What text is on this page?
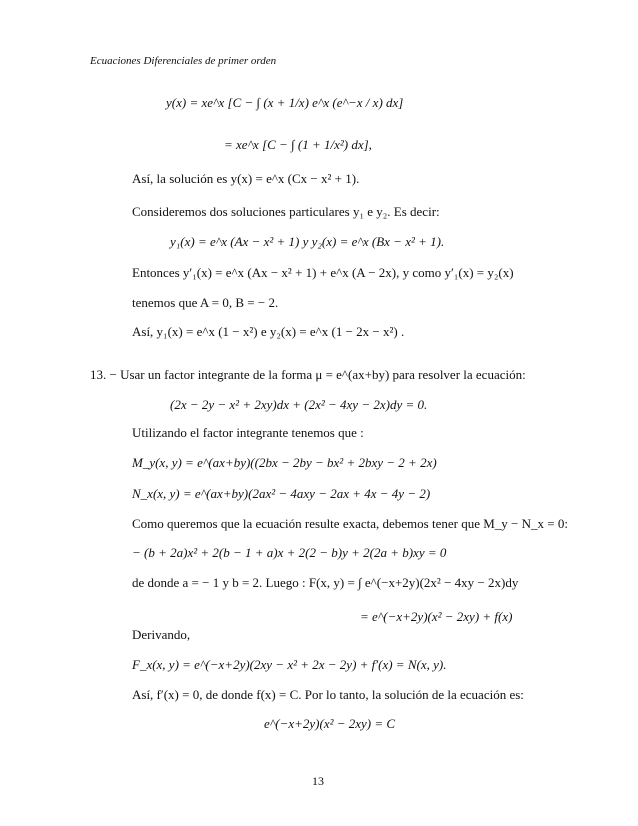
Ecuaciones Diferenciales de primer orden
y(x) = xe^x [C − ∫ (x + 1/x) e^x (e^−x / x) dx]
= xe^x [C − ∫ (1 + 1/x²) dx],
Así, la solución es y(x) = e^x (Cx − x² + 1).
Consideremos dos soluciones particulares y₁ e y₂. Es decir:
y₁(x) = e^x (Ax − x² + 1) y y₂(x) = e^x (Bx − x² + 1).
Entonces y′₁(x) = e^x (Ax − x² + 1) + e^x (A − 2x), y como y′₁(x) = y₂(x)
tenemos que A = 0, B = − 2.
Así, y₁(x) = e^x (1 − x²) e y₂(x) = e^x (1 − 2x − x²) .
13. − Usar un factor integrante de la forma μ = e^(ax+by) para resolver la ecuación:
(2x − 2y − x² + 2xy)dx + (2x² − 4xy − 2x)dy = 0.
Utilizando el factor integrante tenemos que :
M_y(x, y) = e^(ax+by)((2bx − 2by − bx² + 2bxy − 2 + 2x)
N_x(x, y) = e^(ax+by)(2ax² − 4axy − 2ax + 4x − 4y − 2)
Como queremos que la ecuación resulte exacta, debemos tener que M_y − N_x = 0:
− (b + 2a)x² + 2(b − 1 + a)x + 2(2 − b)y + 2(2a + b)xy = 0
de donde a = − 1 y b = 2. Luego : F(x, y) = ∫ e^(−x+2y)(2x² − 4xy − 2x)dy
= e^(−x+2y)(x² − 2xy) + f(x)
Derivando,
F_x(x, y) = e^(−x+2y)(2xy − x² + 2x − 2y) + f′(x) = N(x, y).
Así, f′(x) = 0, de donde f(x) = C. Por lo tanto, la solución de la ecuación es:
e^(−x+2y)(x² − 2xy) = C
13
